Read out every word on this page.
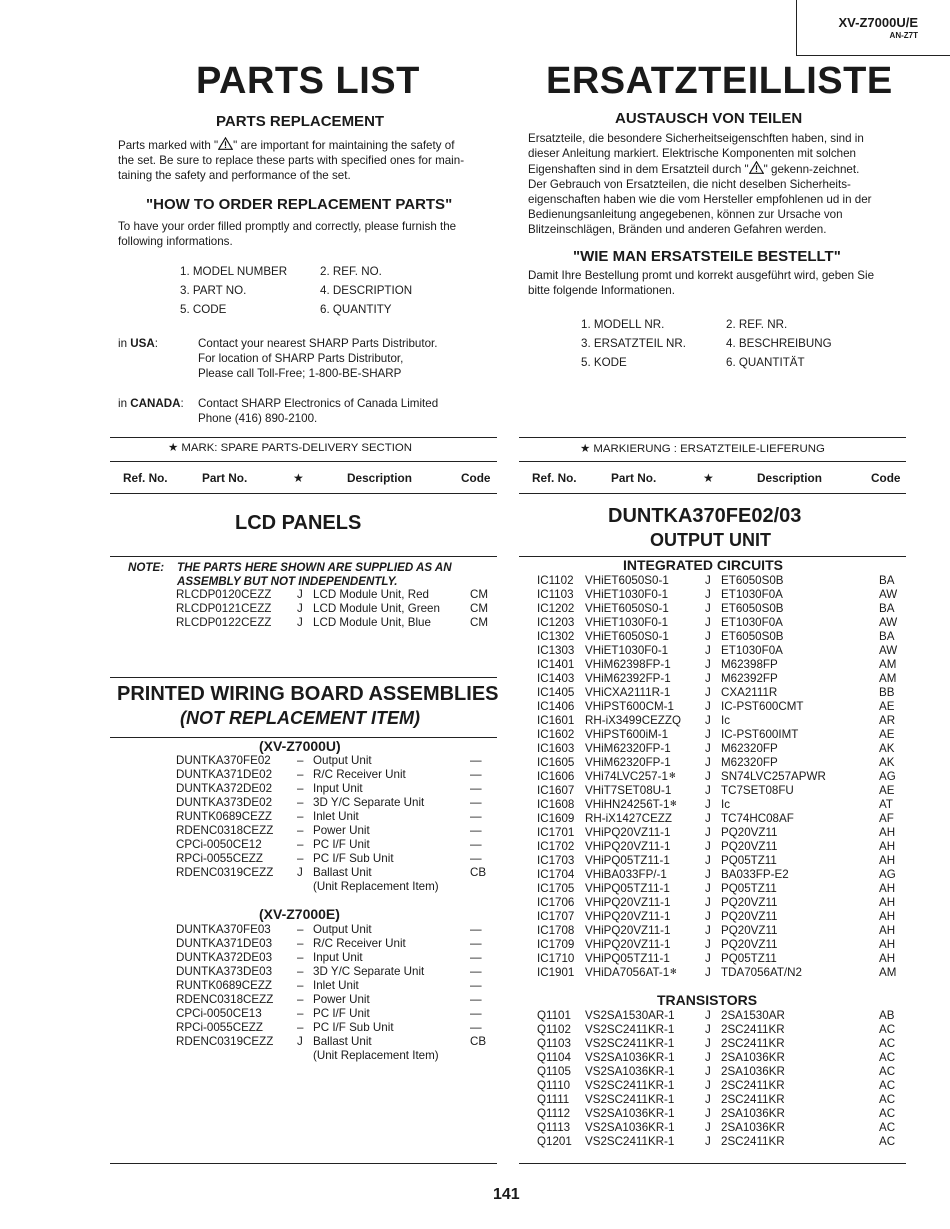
XV-Z7000U/E
AN-Z7T
PARTS LIST
PARTS REPLACEMENT
Parts marked with " " are important for maintaining the safety of
the set. Be sure to replace these parts with specified ones for main-
taining the safety and performance of the set.
"HOW TO ORDER REPLACEMENT PARTS"
To have your order filled promptly and correctly, please furnish the
following informations.
1. MODEL NUMBER	2. REF. NO.
3. PART NO.	4. DESCRIPTION
5. CODE	6. QUANTITY
in USA:	Contact your nearest SHARP Parts Distributor.
For location of SHARP Parts Distributor,
Please call Toll-Free; 1-800-BE-SHARP
in CANADA: Contact SHARP Electronics of Canada Limited
Phone (416) 890-2100.
★ MARK: SPARE PARTS-DELIVERY SECTION
Ref. No.	Part No.	★	Description	Code
LCD PANELS
NOTE: THE PARTS HERE SHOWN ARE SUPPLIED AS AN
ASSEMBLY BUT NOT INDEPENDENTLY.
RLCDP0120CEZZ J LCD Module Unit, Red	CM
RLCDP0121CEZZ J LCD Module Unit, Green	CM
RLCDP0122CEZZ J LCD Module Unit, Blue	CM
PRINTED WIRING BOARD ASSEMBLIES
(NOT REPLACEMENT ITEM)
(XV-Z7000U)
DUNTKA370FE02 – Output Unit	—
DUNTKA371DE02 – R/C Receiver Unit	—
DUNTKA372DE02 – Input Unit	—
DUNTKA373DE02 – 3D Y/C Separate Unit	—
RUNTK0689CEZZ – Inlet Unit	—
RDENC0318CEZZ – Power Unit	—
CPCi-0050CE12	– PC I/F Unit	—
RPCi-0055CEZZ	– PC I/F Sub Unit	—
RDENC0319CEZZ J Ballast Unit	CB
(Unit Replacement Item)
(XV-Z7000E)
DUNTKA370FE03 – Output Unit	—
DUNTKA371DE03 – R/C Receiver Unit	—
DUNTKA372DE03 – Input Unit	—
DUNTKA373DE03 – 3D Y/C Separate Unit	—
RUNTK0689CEZZ – Inlet Unit	—
RDENC0318CEZZ – Power Unit	—
CPCi-0050CE13	– PC I/F Unit	—
RPCi-0055CEZZ	– PC I/F Sub Unit	—
RDENC0319CEZZ J Ballast Unit	CB
(Unit Replacement Item)
ERSATZTEILLISTE
AUSTAUSCH VON TEILEN
Ersatzteile, die besondere Sicherheitseigenschften haben, sind in
dieser Anleitung markiert. Elektrische Komponenten mit solchen
Eigenshaften sind in dem Ersatzteil durch " " gekenn-zeichnet.
Der Gebrauch von Ersatzteilen, die nicht deselben Sicherheits-
eigenschaften haben wie die vom Hersteller empfohlenen ud in der
Bedienungsanleitung angegebenen, können zur Ursache von
Blitzeinschlägen, Bränden und anderen Gefahren werden.
"WIE MAN ERSATSTEILE BESTELLT"
Damit Ihre Bestellung promt und korrekt ausgeführt wird, geben Sie
bitte folgende Informationen.
1. MODELL NR.	2. REF. NR.
3. ERSATZTEIL NR.	4. BESCHREIBUNG
5. KODE	6. QUANTITÄT
★ MARKIERUNG : ERSATZTEILE-LIEFERUNG
Ref. No.	Part No.	★	Description	Code
DUNTKA370FE02/03
OUTPUT UNIT
INTEGRATED CIRCUITS
IC1102 VHiET6050S0-1	J ET6050S0B	BA
IC1103 VHiET1030F0-1	J ET1030F0A	AW
IC1202 VHiET6050S0-1	J ET6050S0B	BA
IC1203 VHiET1030F0-1	J ET1030F0A	AW
IC1302 VHiET6050S0-1	J ET6050S0B	BA
IC1303 VHiET1030F0-1	J ET1030F0A	AW
IC1401 VHiM62398FP-1	J M62398FP	AM
IC1403 VHiM62392FP-1	J M62392FP	AM
IC1405 VHiCXA2111R-1	J CXA2111R	BB
IC1406 VHiPST600CM-1	J IC-PST600CMT	AE
IC1601 RH-iX3499CEZZQ J Ic	AR
IC1602 VHiPST600iM-1	J IC-PST600IMT	AE
IC1603 VHiM62320FP-1	J M62320FP	AK
IC1605 VHiM62320FP-1	J M62320FP	AK
IC1606 VHi74LVC257-1 ✻	J SN74LVC257APWR	AG
IC1607 VHiT7SET08U-1	J TC7SET08FU	AE
IC1608 VHiHN24256T-1 ✻ J Ic	AT
IC1609 RH-iX1427CEZZ	J TC74HC08AF	AF
IC1701 VHiPQ20VZ11-1	J PQ20VZ11	AH
IC1702 VHiPQ20VZ11-1	J PQ20VZ11	AH
IC1703 VHiPQ05TZ11-1	J PQ05TZ11	AH
IC1704 VHiBA033FP/-1	J BA033FP-E2	AG
IC1705 VHiPQ05TZ11-1	J PQ05TZ11	AH
IC1706 VHiPQ20VZ11-1	J PQ20VZ11	AH
IC1707 VHiPQ20VZ11-1	J PQ20VZ11	AH
IC1708 VHiPQ20VZ11-1	J PQ20VZ11	AH
IC1709 VHiPQ20VZ11-1	J PQ20VZ11	AH
IC1710 VHiPQ05TZ11-1	J PQ05TZ11	AH
IC1901 VHiDA7056AT-1 ✻ J TDA7056AT/N2	AM
TRANSISTORS
Q1101 VS2SA1530AR-1	J 2SA1530AR	AB
Q1102 VS2SC2411KR-1	J 2SC2411KR	AC
Q1103 VS2SC2411KR-1	J 2SC2411KR	AC
Q1104 VS2SA1036KR-1	J 2SA1036KR	AC
Q1105 VS2SA1036KR-1	J 2SA1036KR	AC
Q1110 VS2SC2411KR-1	J 2SC2411KR	AC
Q1111 VS2SC2411KR-1	J 2SC2411KR	AC
Q1112 VS2SA1036KR-1	J 2SA1036KR	AC
Q1113 VS2SA1036KR-1	J 2SA1036KR	AC
Q1201 VS2SC2411KR-1	J 2SC2411KR	AC
141
